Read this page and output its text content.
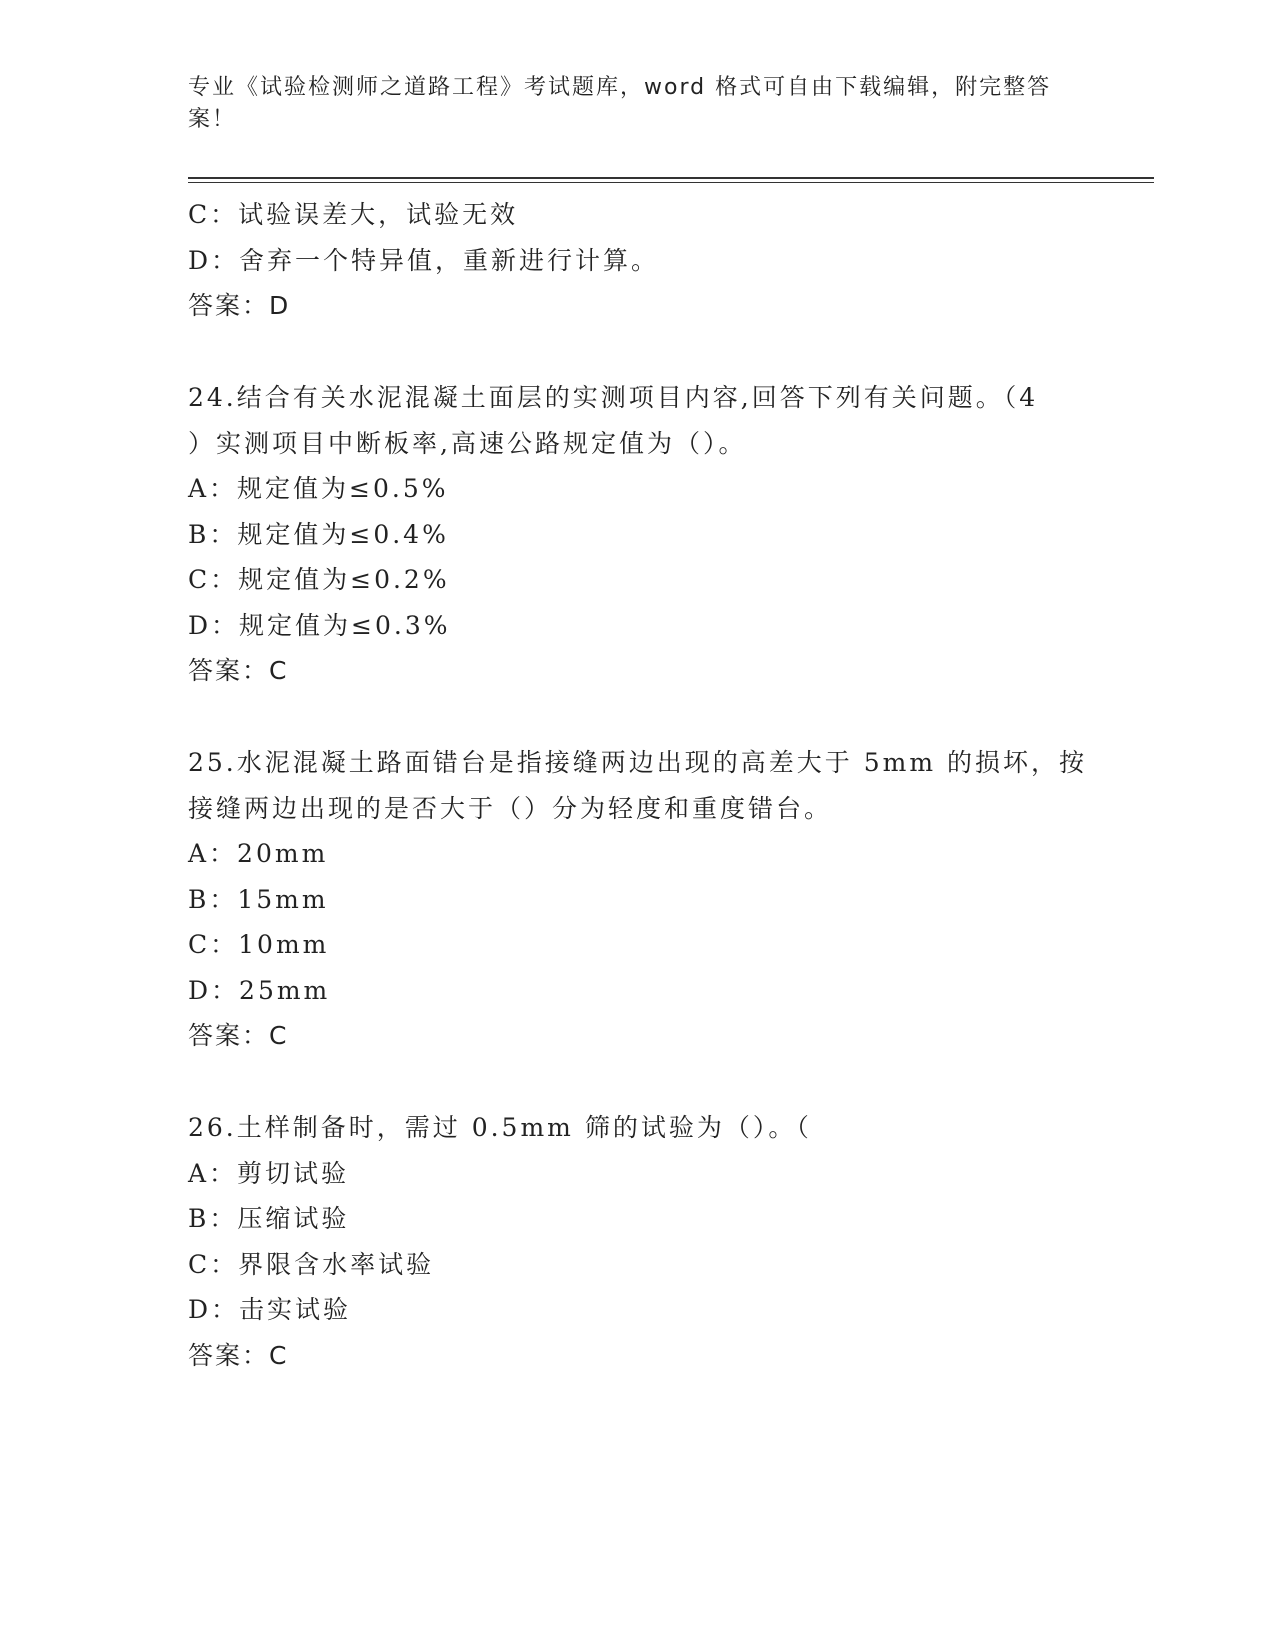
专业《试验检测师之道路工程》考试题库，word 格式可自由下载编辑，附完整答
案！
C：试验误差大，试验无效
D：舍弃一个特异值，重新进行计算。
答案：D
24.结合有关水泥混凝土面层的实测项目内容,回答下列有关问题。（4
）实测项目中断板率,高速公路规定值为（）。
A：规定值为≤0.5%
B：规定值为≤0.4%
C：规定值为≤0.2%
D：规定值为≤0.3%
答案：C
25.水泥混凝土路面错台是指接缝两边出现的高差大于 5mm 的损坏，按
接缝两边出现的是否大于（）分为轻度和重度错台。
A：20mm
B：15mm
C：10mm
D：25mm
答案：C
26.土样制备时，需过 0.5mm 筛的试验为（）。（
A：剪切试验
B：压缩试验
C：界限含水率试验
D：击实试验
答案：C
